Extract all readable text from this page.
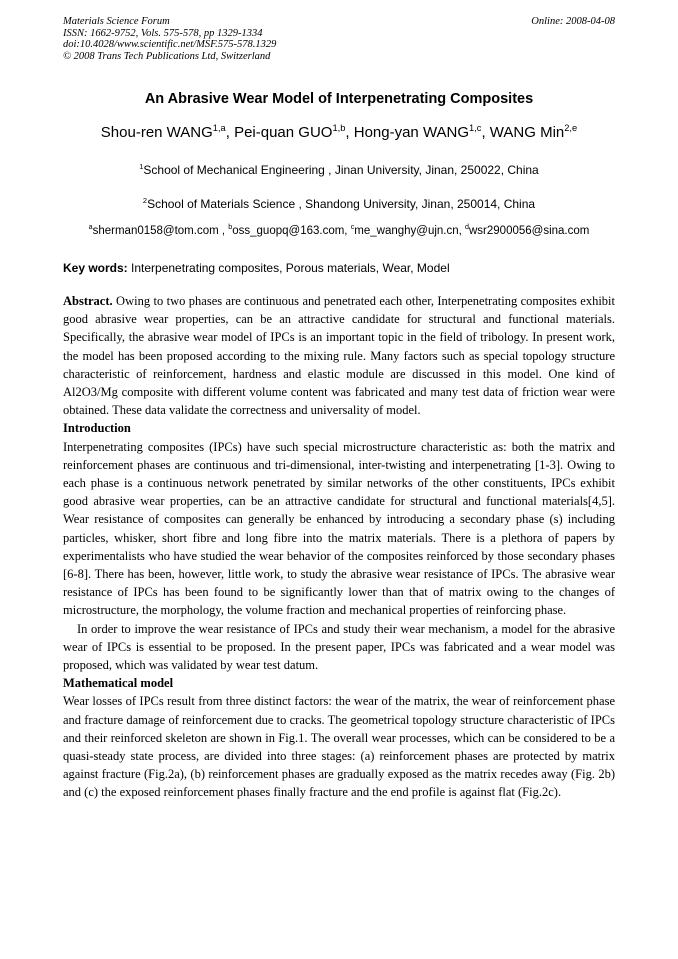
Materials Science Forum
ISSN: 1662-9752, Vols. 575-578, pp 1329-1334
doi:10.4028/www.scientific.net/MSF.575-578.1329
© 2008 Trans Tech Publications Ltd, Switzerland
Online: 2008-04-08
An Abrasive Wear Model of Interpenetrating Composites
Shou-ren WANG$^{1,a}$, Pei-quan GUO$^{1,b}$, Hong-yan WANG$^{1,c}$, WANG Min$^{2,e}$
$^1$School of Mechanical Engineering , Jinan University, Jinan, 250022, China
$^2$School of Materials Science , Shandong University, Jinan, 250014, China
$^a$sherman0158@tom.com , $^b$oss_guopq@163.com, $^c$me_wanghy@ujn.cn, $^d$wsr2900056@sina.com
Key words: Interpenetrating composites, Porous materials, Wear, Model

Abstract. Owing to two phases are continuous and penetrated each other, Interpenetrating composites exhibit good abrasive wear properties, can be an attractive candidate for structural and functional materials. Specifically, the abrasive wear model of IPCs is an important topic in the field of tribology. In present work, the model has been proposed according to the mixing rule. Many factors such as special topology structure characteristic of reinforcement, hardness and elastic module are discussed in this model. One kind of Al2O3/Mg composite with different volume content was fabricated and many test data of friction wear were obtained. These data validate the correctness and universality of model.

Introduction

Interpenetrating composites (IPCs) have such special microstructure characteristic as: both the matrix and reinforcement phases are continuous and tri-dimensional, inter-twisting and interpenetrating [1-3]. Owing to each phase is a continuous network penetrated by similar networks of the other constituents, IPCs exhibit good abrasive wear properties, can be an attractive candidate for structural and functional materials[4,5]. Wear resistance of composites can generally be enhanced by introducing a secondary phase (s) including particles, whisker, short fibre and long fibre into the matrix materials. There is a plethora of papers by experimentalists who have studied the wear behavior of the composites reinforced by those secondary phases [6-8]. There has been, however, little work, to study the abrasive wear resistance of IPCs. The abrasive wear resistance of IPCs has been found to be significantly lower than that of matrix owing to the changes of microstructure, the morphology, the volume fraction and mechanical properties of reinforcing phase.

In order to improve the wear resistance of IPCs and study their wear mechanism, a model for the abrasive wear of IPCs is essential to be proposed. In the present paper, IPCs was fabricated and a wear model was proposed, which was validated by wear test datum.

Mathematical model

Wear losses of IPCs result from three distinct factors: the wear of the matrix, the wear of reinforcement phase and fracture damage of reinforcement due to cracks. The geometrical topology structure characteristic of IPCs and their reinforced skeleton are shown in Fig.1. The overall wear processes, which can be considered to be a quasi-steady state process, are divided into three stages: (a) reinforcement phases are protected by matrix against fracture (Fig.2a), (b) reinforcement phases are gradually exposed as the matrix recedes away (Fig. 2b) and (c) the exposed reinforcement phases finally fracture and the end profile is against flat (Fig.2c).
